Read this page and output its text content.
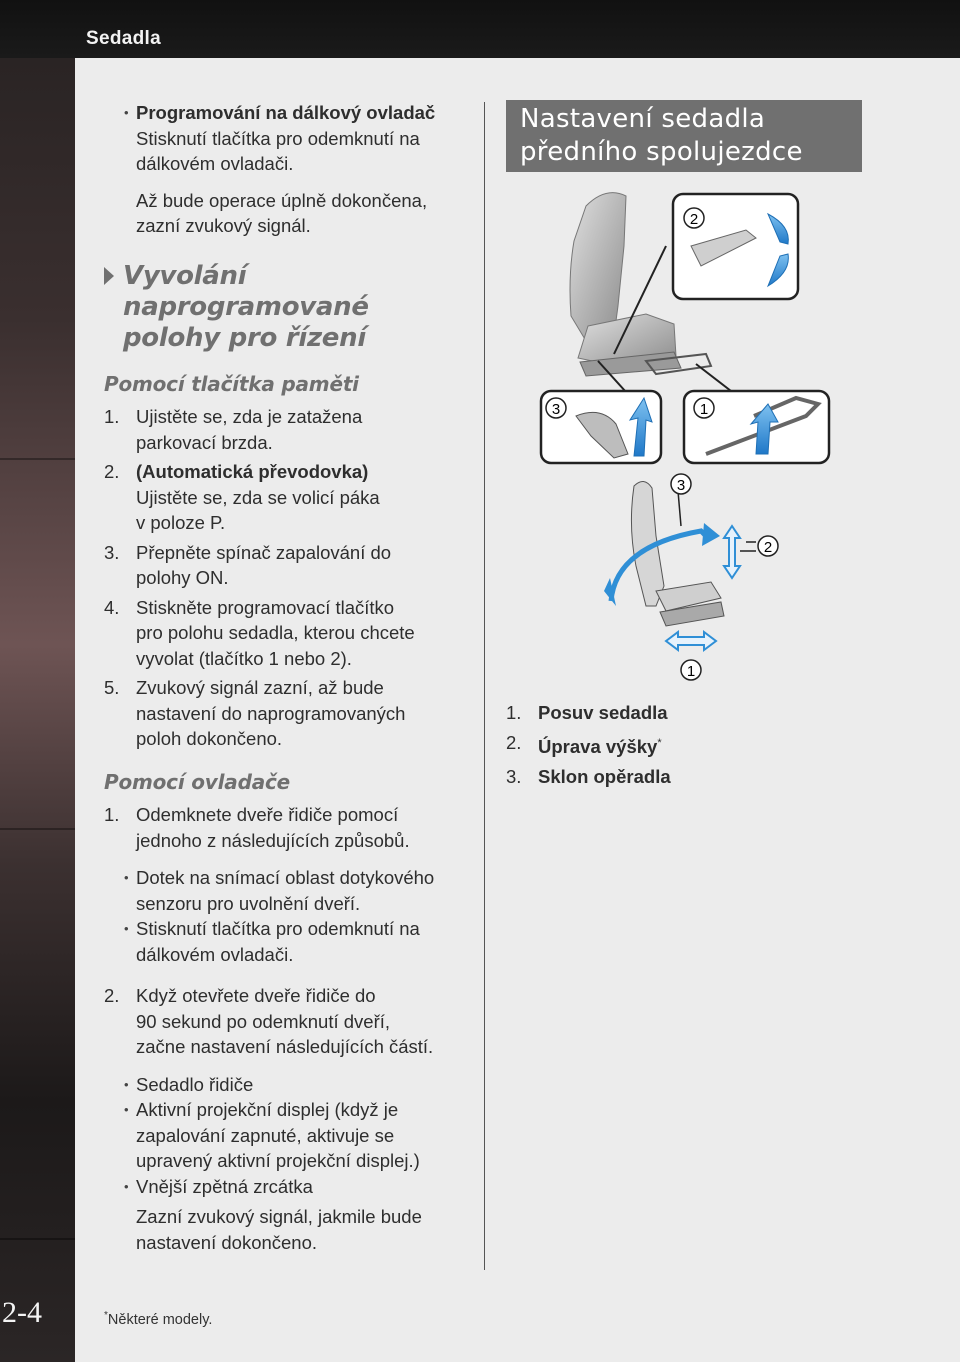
Sedadla
2-4
• Programování na dálkový ovladač
Stisknutí tlačítka pro odemknutí na
dálkovém ovladači.

Až bude operace úplně dokončena,
zazní zvukový signál.

Vyvolání naprogramované
polohy pro řízení
Pomocí tlačítka paměti
1. Ujistěte se, zda je zatažena
parkovací brzda.
2. (Automatická převodovka)
Ujistěte se, zda se volicí páka
v poloze P.
3. Přepněte spínač zapalování do
polohy ON.
4. Stiskněte programovací tlačítko
pro polohu sedadla, kterou chcete
vyvolat (tlačítko 1 nebo 2).
5. Zvukový signál zazní, až bude
nastavení do naprogramovaných
poloh dokončeno.
Pomocí ovladače
1. Odemknete dveře řidiče pomocí
jednoho z následujících způsobů.
• Dotek na snímací oblast dotykového
senzoru pro uvolnění dveří.
• Stisknutí tlačítka pro odemknutí na
dálkovém ovladači.
2. Když otevřete dveře řidiče do
90 sekund po odemknutí dveří,
začne nastavení následujících částí.
• Sedadlo řidiče
• Aktivní projekční displej (když je
zapalování zapnuté, aktivuje se
upravený aktivní projekční displej.)
• Vnější zpětná zrcátka

Zazní zvukový signál, jakmile bude
nastavení dokončeno.

Nastavení sedadla
předního spolujezdce
2
3	1
3
2
1
1. Posuv sedadla
2. Úprava výšky*
3. Sklon opěradla
*Některé modely.
